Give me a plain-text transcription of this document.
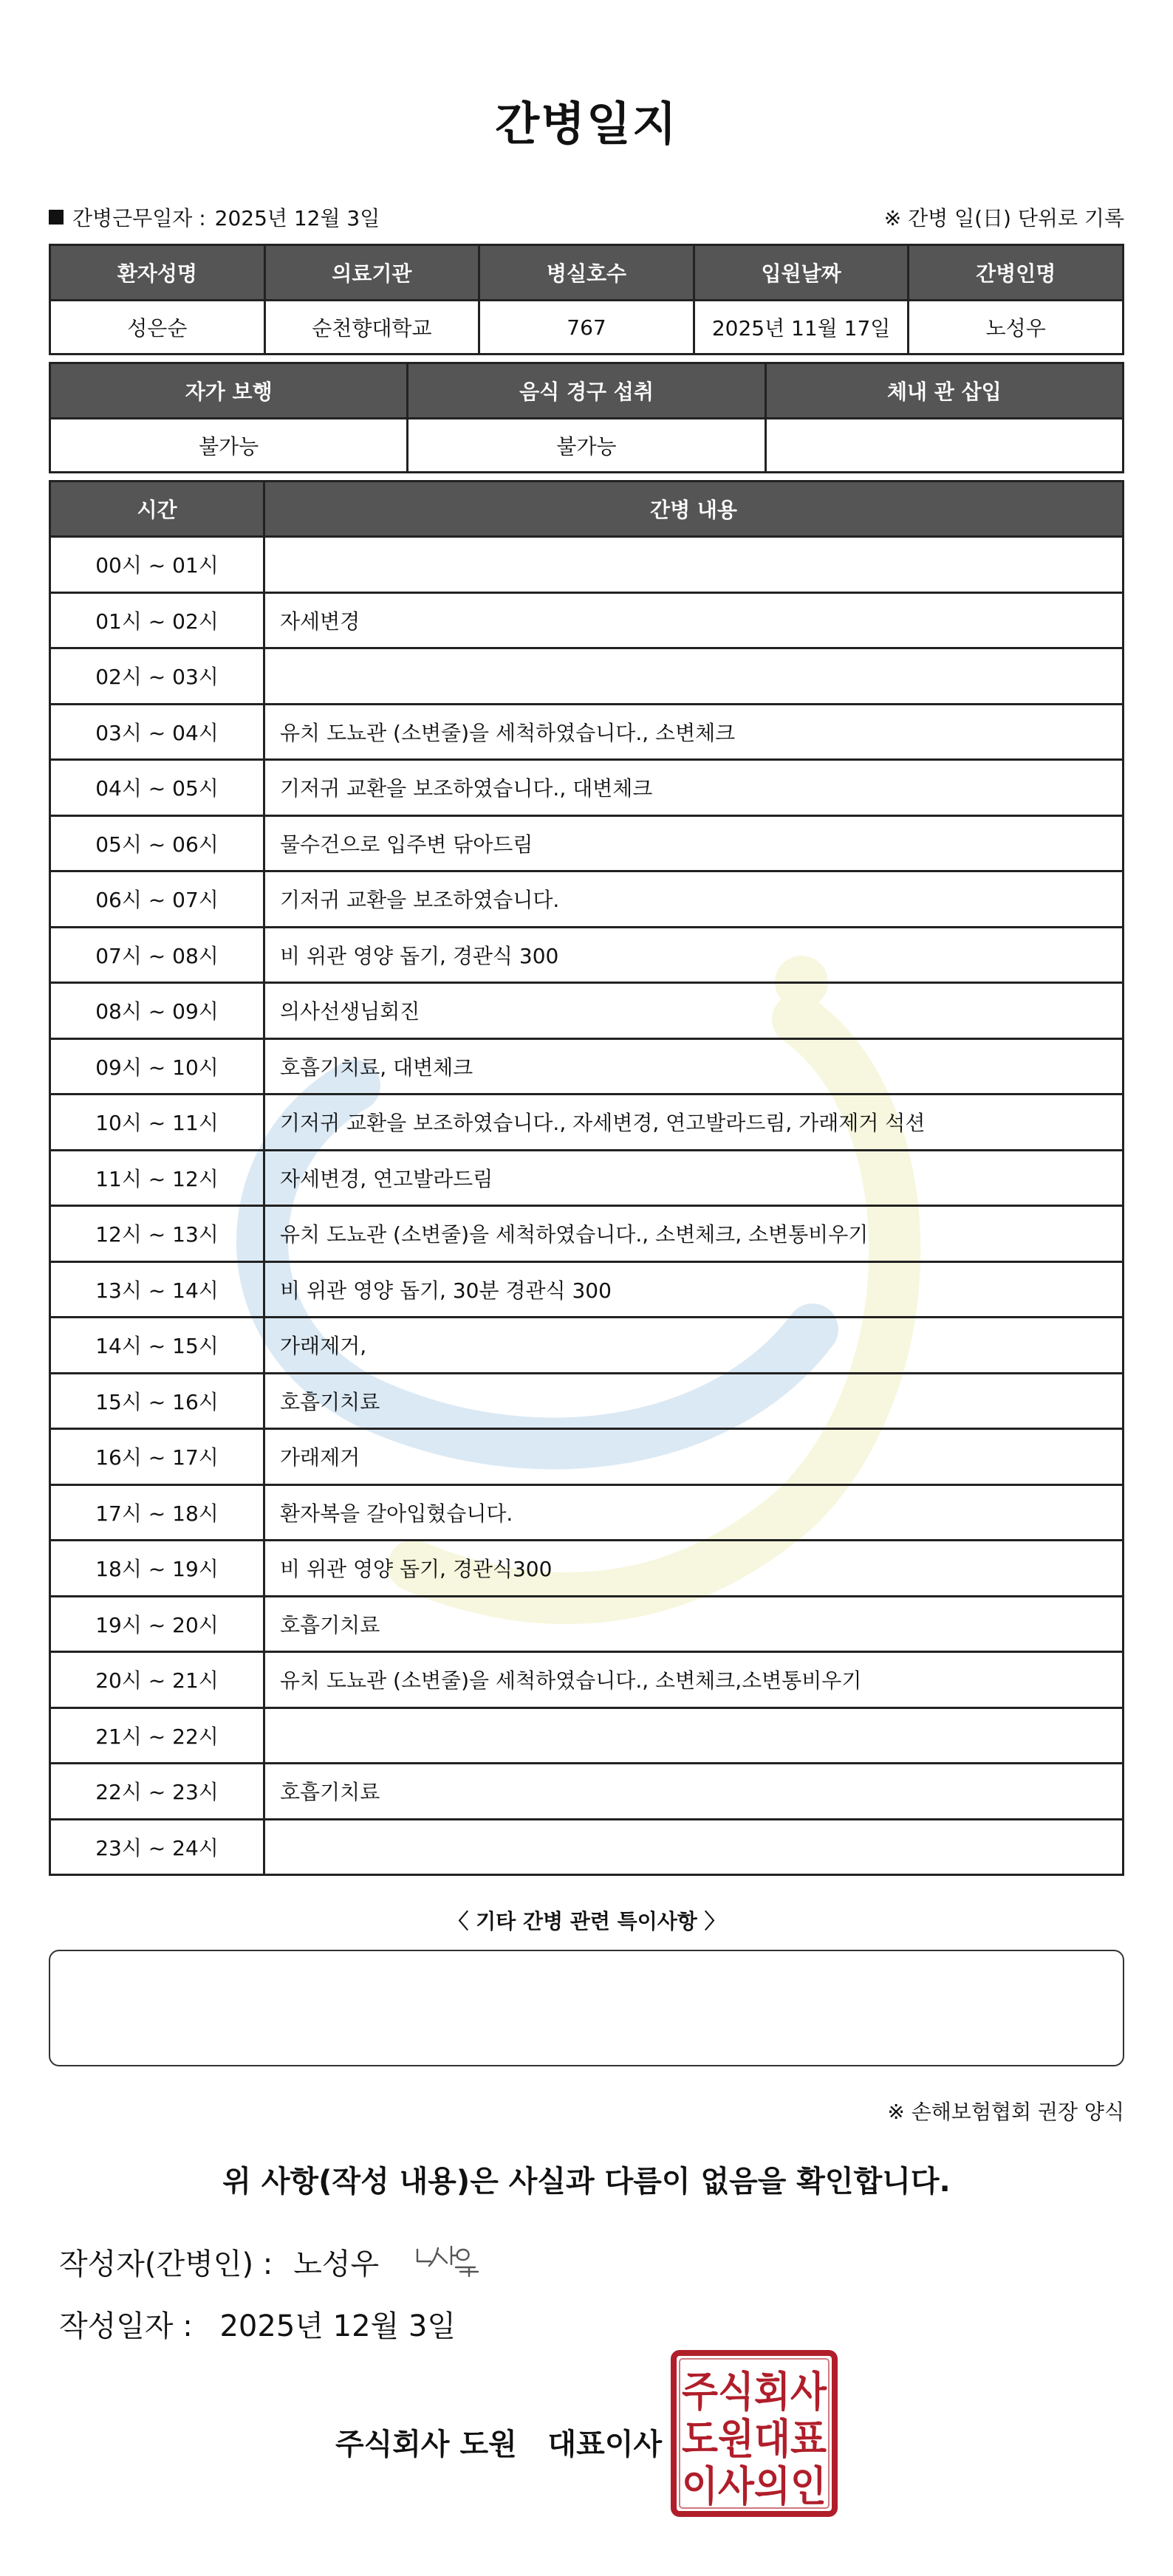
간병일지
간병근무일자 : 2025년 12월 3일	※ 간병 일(日) 단위로 기록
환자성명	의료기관	병실호수	입원날짜	간병인명
성은순	순천향대학교	767	2025년 11월 17일	노성우
자가 보행	음식 경구 섭취	체내 관 삽입
불가능	불가능	
시간	간병 내용
00시 ~ 01시	
01시 ~ 02시	자세변경
02시 ~ 03시	
03시 ~ 04시	유치 도뇨관 (소변줄)을 세척하였습니다., 소변체크
04시 ~ 05시	기저귀 교환을 보조하였습니다., 대변체크
05시 ~ 06시	물수건으로 입주변 닦아드림
06시 ~ 07시	기저귀 교환을 보조하였습니다.
07시 ~ 08시	비 위관 영양 돕기, 경관식 300
08시 ~ 09시	의사선생님회진
09시 ~ 10시	호흡기치료, 대변체크
10시 ~ 11시	기저귀 교환을 보조하였습니다., 자세변경, 연고발라드림, 가래제거 석션
11시 ~ 12시	자세변경, 연고발라드림
12시 ~ 13시	유치 도뇨관 (소변줄)을 세척하였습니다., 소변체크, 소변통비우기
13시 ~ 14시	비 위관 영양 돕기, 30분 경관식 300
14시 ~ 15시	가래제거,
15시 ~ 16시	호흡기치료
16시 ~ 17시	가래제거
17시 ~ 18시	환자복을 갈아입혔습니다.
18시 ~ 19시	비 위관 영양 돕기, 경관식300
19시 ~ 20시	호흡기치료
20시 ~ 21시	유치 도뇨관 (소변줄)을 세척하였습니다., 소변체크,소변통비우기
21시 ~ 22시	
22시 ~ 23시	호흡기치료
23시 ~ 24시	
〈 기타 간병 관련 특이사항 〉
※ 손해보험협회 권장 양식
위 사항(작성 내용)은 사실과 다름이 없음을 확인합니다.
작성자(간병인) : 노성우
작성일자 : 2025년 12월 3일
주식회사 도원   대표이사
주식회사
도원대표
이사의인
